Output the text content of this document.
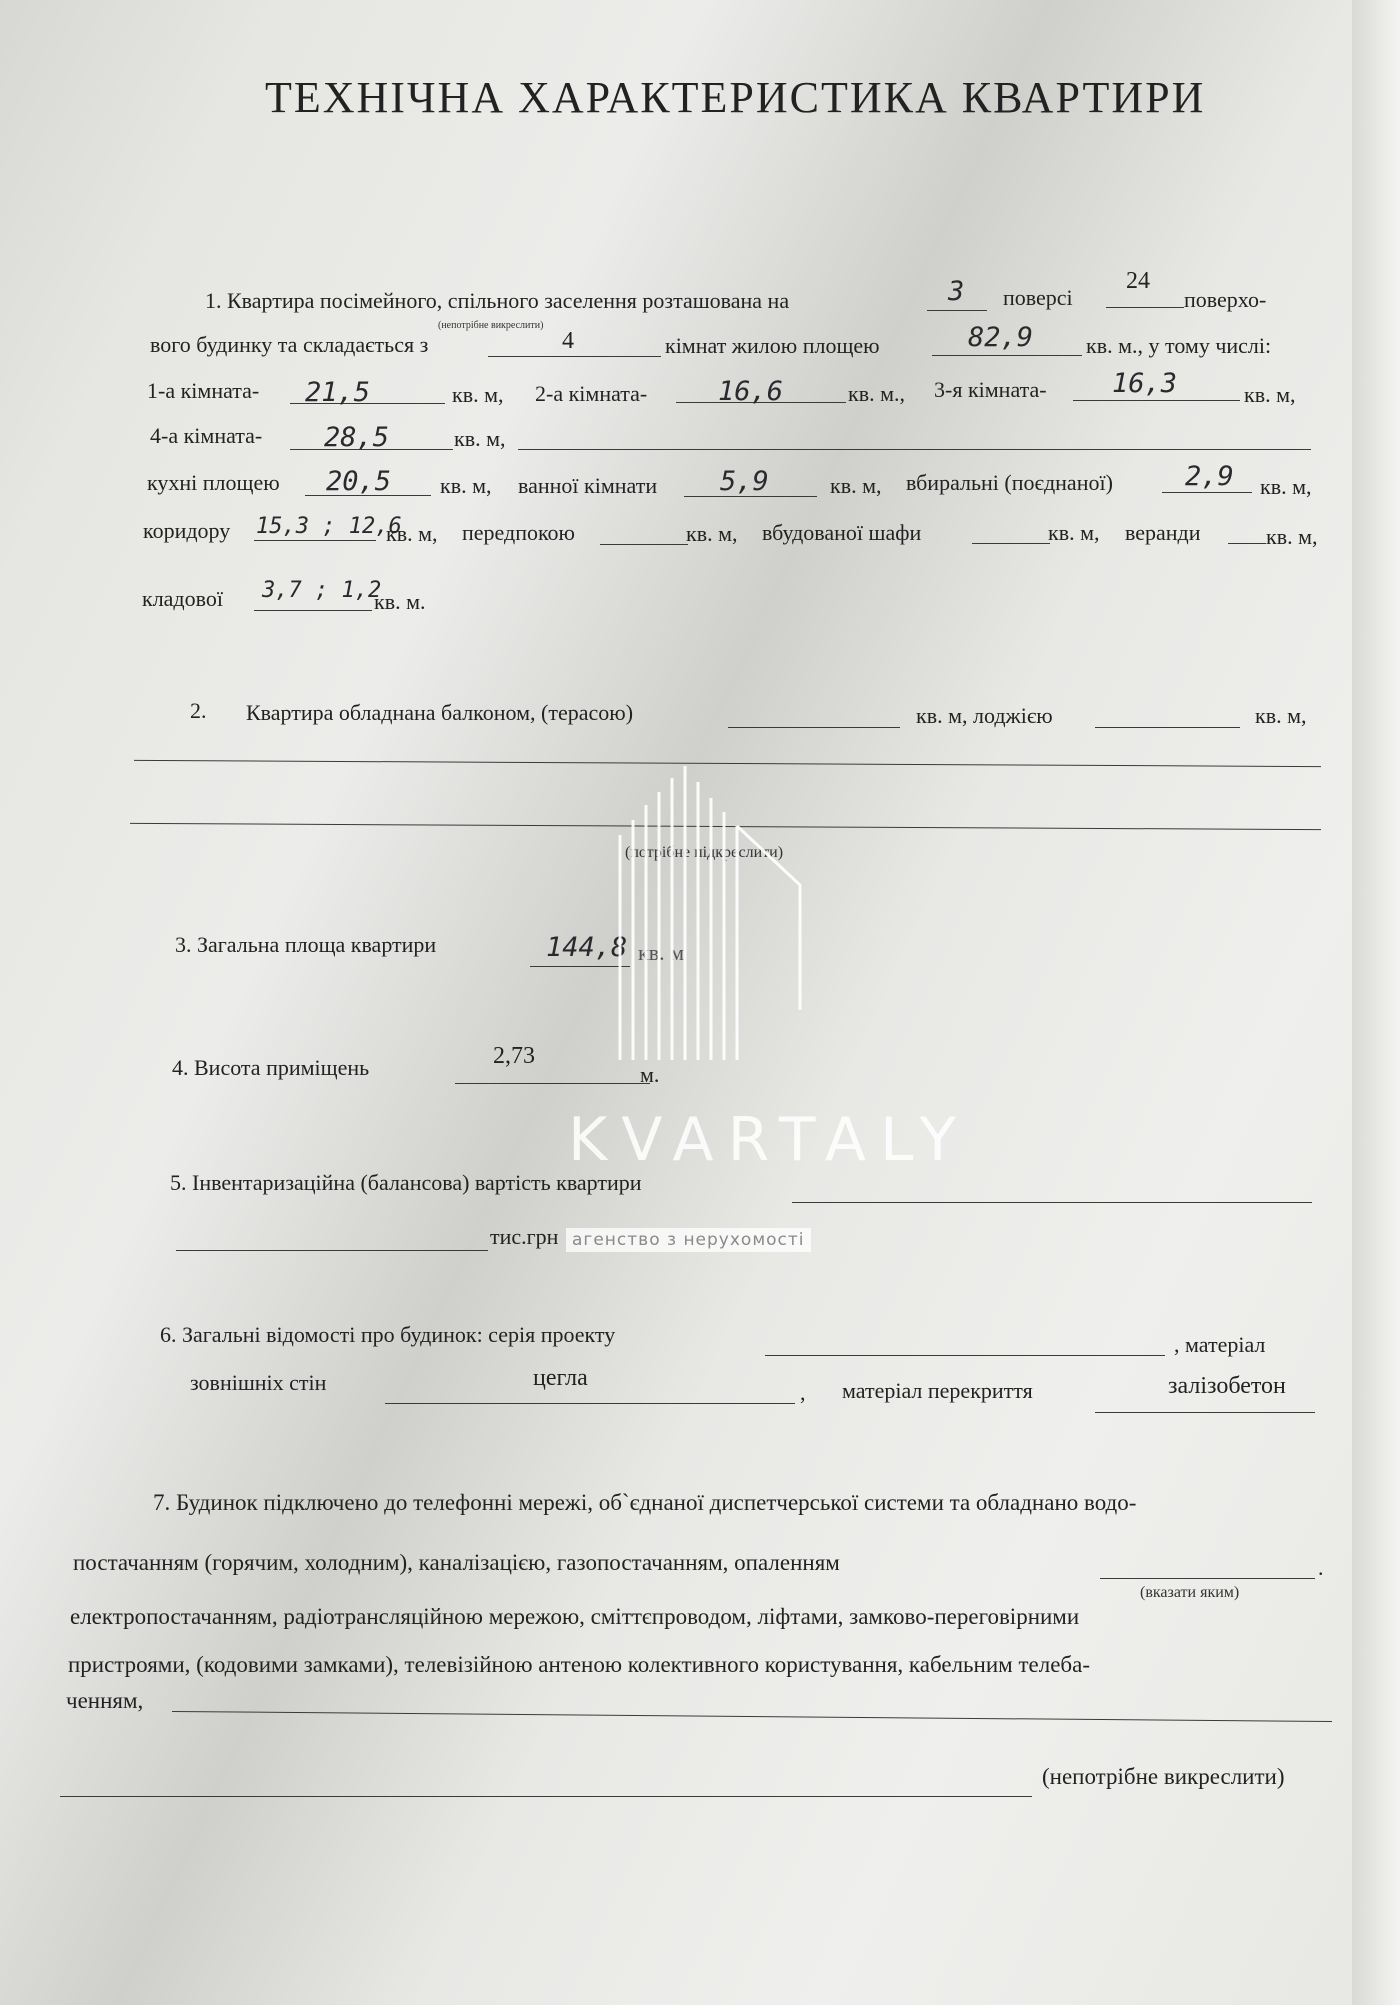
ТЕХНІЧНА ХАРАКТЕРИСТИКА КВАРТИРИ
1. Квартира посімейного, спільного заселення розташована на	3 поверсі
24
поверхо-
(непотрібне викреслити)
вого будинку та складається з	4	кімнат жилою площею	82,9 кв. м., у тому числі:
1-а кімната- 21,5	кв. м, 2-а кімната-	16,6	кв. м., 3-я кімната- 16,3	кв. м,
4-а кімната- 28,5	кв. м,
кухні площею 20,5 кв. м, ванної кімнати 5,9	кв. м, вбиральні (поєднаної)	2,9 кв. м,
коридору 15,3 ; 12,6
кв. м, передпокою	кв. м, вбудованої шафи	кв. м, веранди	кв. м,
кладової 3,7 ; 1,2
кв. м.
2. Квартира обладнана балконом, (терасою)	кв. м, лоджією	кв. м,
(потрібне підкреслити)
3. Загальна площа квартири	144,8 кв. м
4. Висота приміщень	2,73
м.
5. Інвентаризаційна (балансова) вартість квартири
тис.грн
6. Загальні відомості про будинок: серія проекту	, матеріал
зовнішніх стін	цегла
, матеріал перекриття	залізобетон
7. Будинок підключено до телефонні мережі, об`єднаної диспетчерської системи та обладнано водо-
постачанням (горячим, холодним), каналізацією, газопостачанням, опаленням	.
(вказати яким)
електропостачанням, радіотрансляційною мережою, сміттєпроводом, ліфтами, замково-переговірними
пристроями, (кодовими замками), телевізійною антеною колективного користування, кабельним телеба-
ченням,
(непотрібне викреслити)
KVARTALY
агенство з нерухомості
